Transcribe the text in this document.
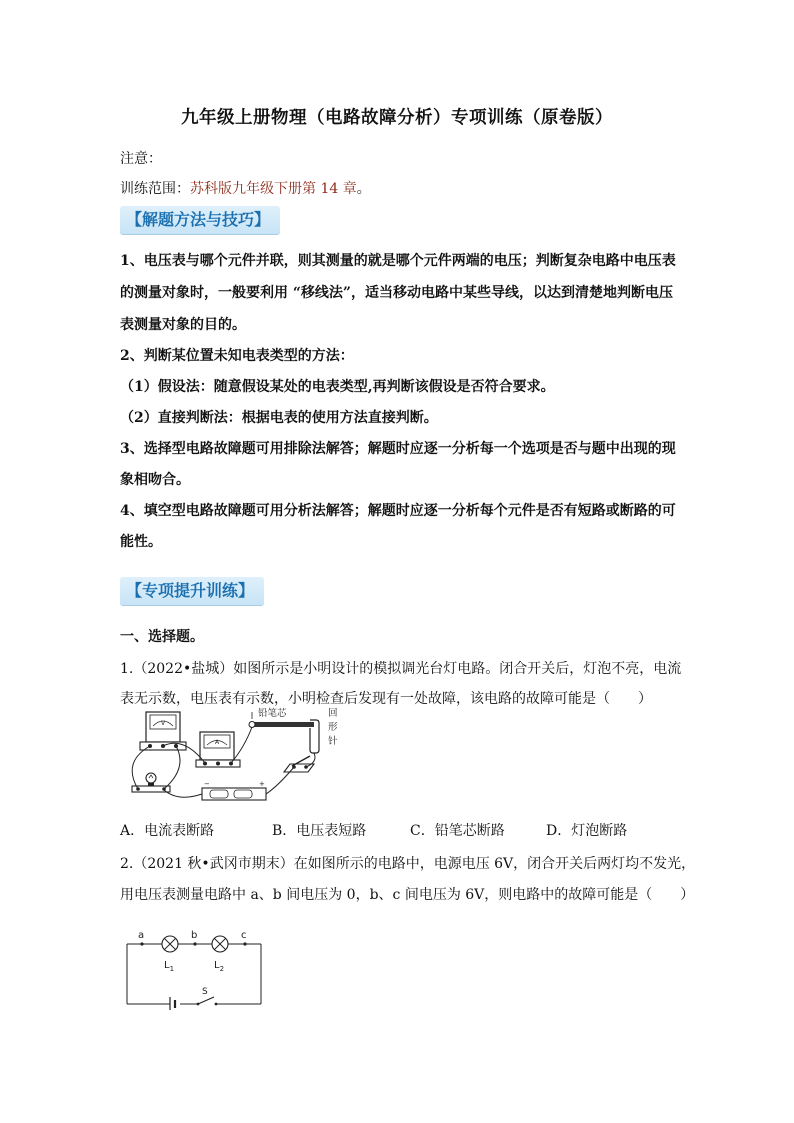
九年级上册物理（电路故障分析）专项训练（原卷版）
注意：
训练范围：苏科版九年级下册第 14 章。
【解题方法与技巧】
1、电压表与哪个元件并联，则其测量的就是哪个元件两端的电压；判断复杂电路中电压表
的测量对象时，一般要利用 “移线法”，适当移动电路中某些导线，以达到清楚地判断电压
表测量对象的目的。
2、判断某位置未知电表类型的方法：
（1）假设法：随意假设某处的电表类型,再判断该假设是否符合要求。
（2）直接判断法：根据电表的使用方法直接判断。
3、选择型电路故障题可用排除法解答；解题时应逐一分析每一个选项是否与题中出现的现
象相吻合。
4、填空型电路故障题可用分析法解答；解题时应逐一分析每个元件是否有短路或断路的可
能性。
【专项提升训练】
一、选择题。
1.（2022•盐城）如图所示是小明设计的模拟调光台灯电路。闭合开关后，灯泡不亮，电流
表无示数，电压表有示数，小明检查后发现有一处故障，该电路的故障可能是（　　）
V
A
−	+
铅笔芯	回
形
针
A．电流表断路	B．电压表短路	C．铅笔芯断路	D．灯泡断路
2.（2021 秋•武冈市期末）在如图所示的电路中，电源电压 6V，闭合开关后两灯均不发光，
用电压表测量电路中 a、b 间电压为 0，b、c 间电压为 6V，则电路中的故障可能是（　　）
a	b	c
$L_1$	$L_2$
S
